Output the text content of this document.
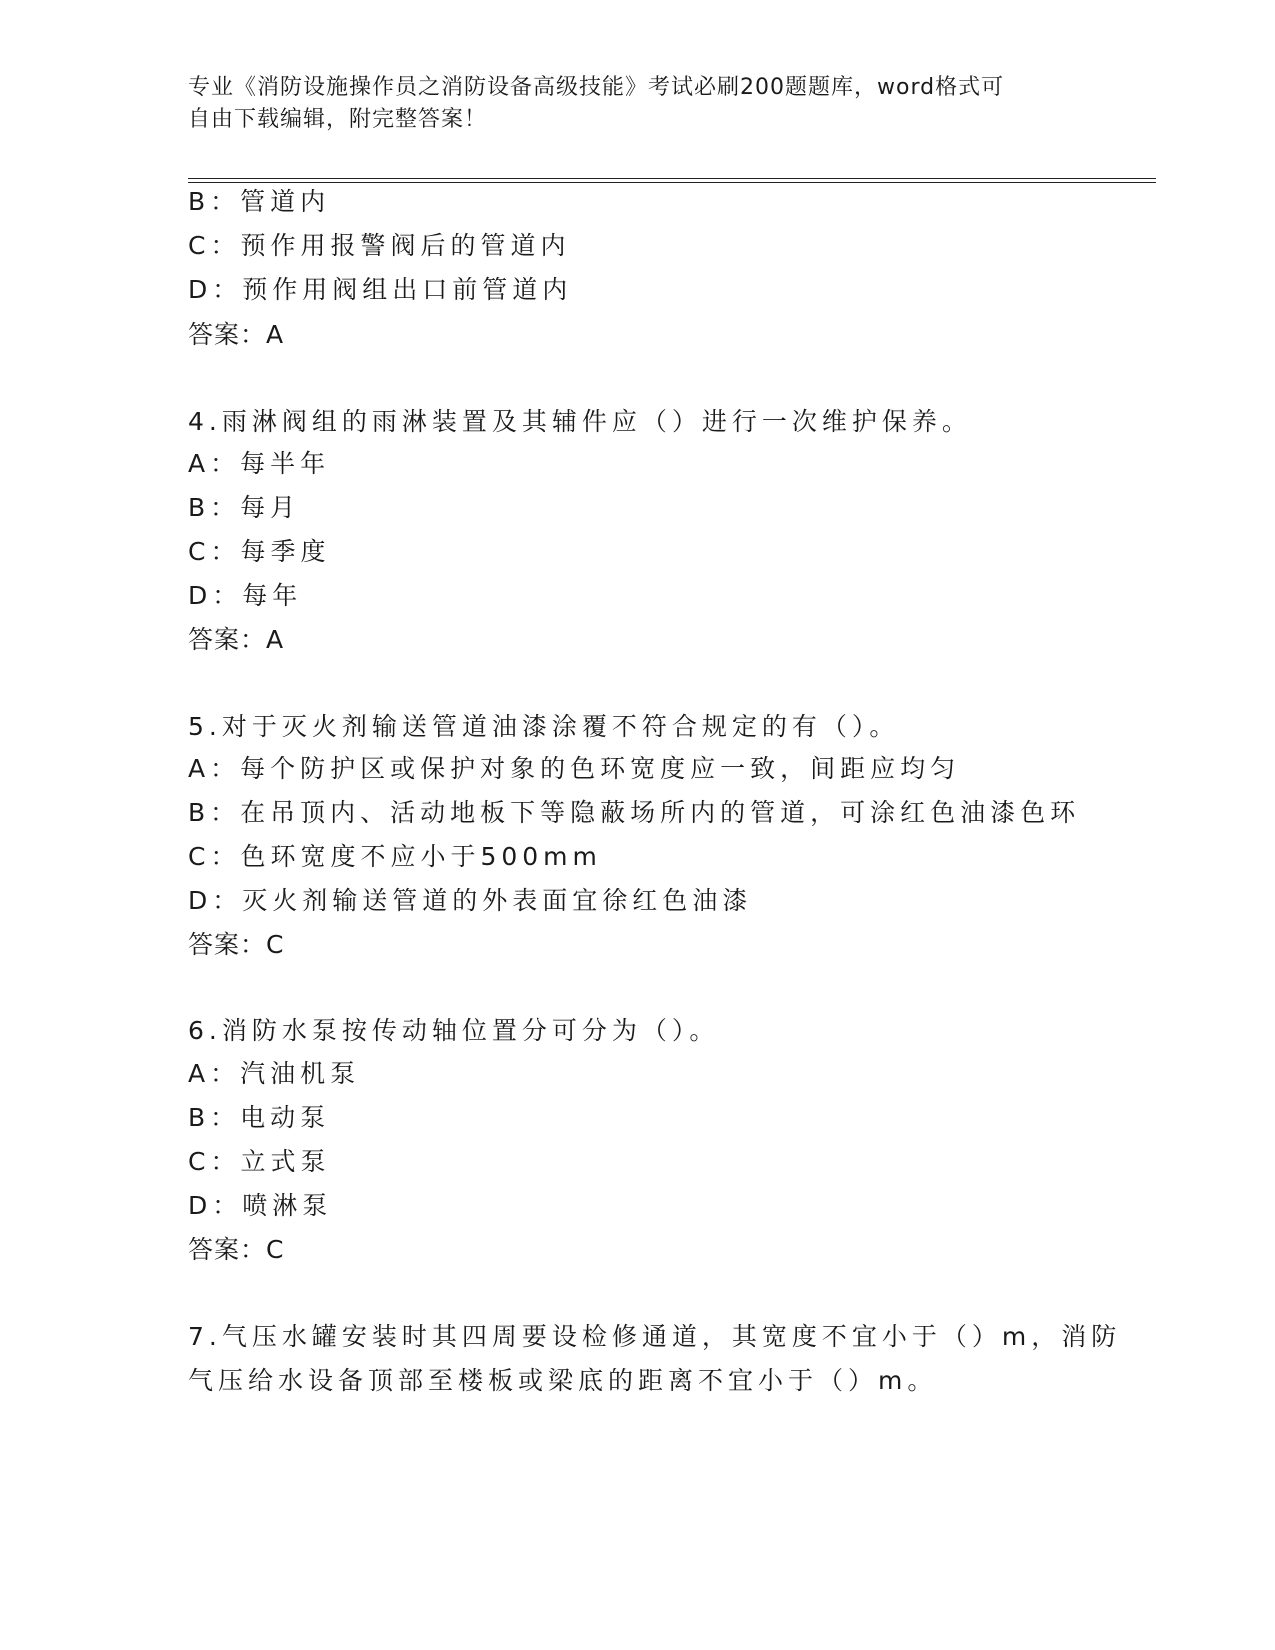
专业《消防设施操作员之消防设备高级技能》考试必刷200题题库，word格式可
自由下载编辑，附完整答案！
B：管道内
C：预作用报警阀后的管道内
D：预作用阀组出口前管道内
答案：A
4.雨淋阀组的雨淋装置及其辅件应（）进行一次维护保养。
A：每半年
B：每月
C：每季度
D：每年
答案：A
5.对于灭火剂输送管道油漆涂覆不符合规定的有（）。
A：每个防护区或保护对象的色环宽度应一致，间距应均匀
B：在吊顶内、活动地板下等隐蔽场所内的管道，可涂红色油漆色环
C：色环宽度不应小于500mm
D：灭火剂输送管道的外表面宜徐红色油漆
答案：C
6.消防水泵按传动轴位置分可分为（）。
A：汽油机泵
B：电动泵
C：立式泵
D：喷淋泵
答案：C
7.气压水罐安装时其四周要设检修通道，其宽度不宜小于（）m，消防
气压给水设备顶部至楼板或梁底的距离不宜小于（）m。
